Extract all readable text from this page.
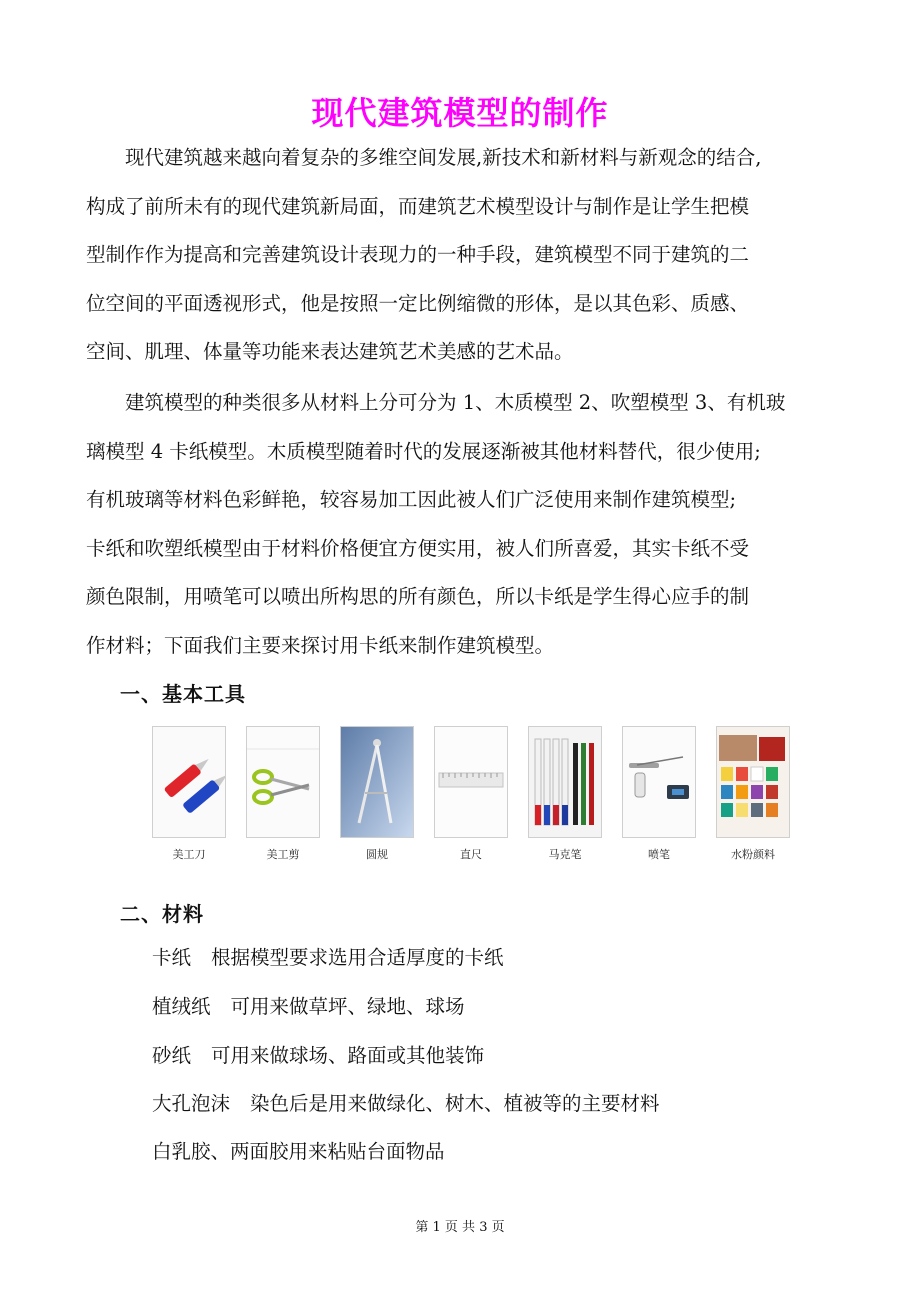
现代建筑模型的制作
现代建筑越来越向着复杂的多维空间发展,新技术和新材料与新观念的结合,
构成了前所未有的现代建筑新局面，而建筑艺术模型设计与制作是让学生把模
型制作作为提高和完善建筑设计表现力的一种手段，建筑模型不同于建筑的二
位空间的平面透视形式，他是按照一定比例缩微的形体，是以其色彩、质感、
空间、肌理、体量等功能来表达建筑艺术美感的艺术品。
建筑模型的种类很多从材料上分可分为 1、木质模型 2、吹塑模型 3、有机玻
璃模型 4 卡纸模型。木质模型随着时代的发展逐渐被其他材料替代，很少使用;
有机玻璃等材料色彩鲜艳，较容易加工因此被人们广泛使用来制作建筑模型;
卡纸和吹塑纸模型由于材料价格便宜方便实用，被人们所喜爱，其实卡纸不受
颜色限制，用喷笔可以喷出所构思的所有颜色，所以卡纸是学生得心应手的制
作材料；下面我们主要来探讨用卡纸来制作建筑模型。
一、基本工具
美工刀	美工剪	圆规	直尺	马克笔	喷笔	水粉颜料
二、材料
卡纸 根据模型要求选用合适厚度的卡纸
植绒纸 可用来做草坪、绿地、球场
砂纸 可用来做球场、路面或其他装饰
大孔泡沫 染色后是用来做绿化、树木、植被等的主要材料
白乳胶、两面胶用来粘贴台面物品
第 1 页 共 3 页
